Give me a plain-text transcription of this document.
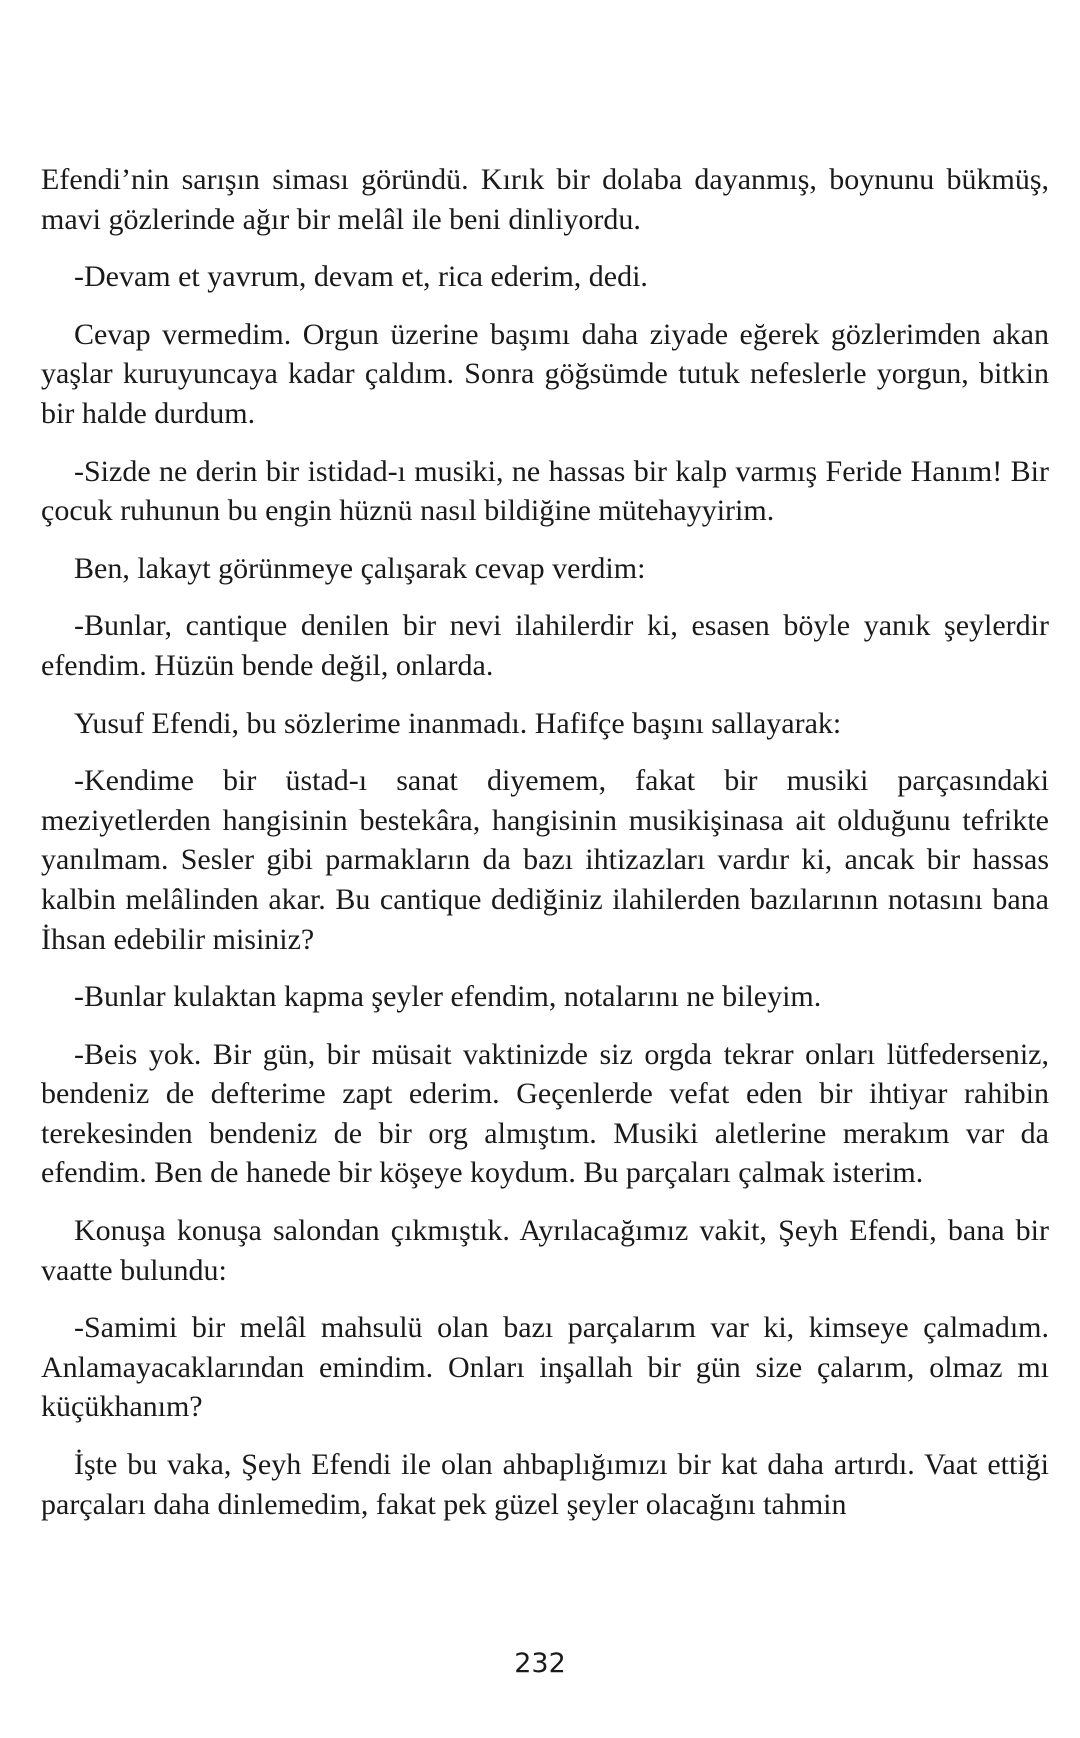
Efendi’nin sarışın siması göründü. Kırık bir dolaba dayanmış, boynunu bükmüş, mavi gözlerinde ağır bir melâl ile beni dinliyordu.

-Devam et yavrum, devam et, rica ederim, dedi.

Cevap vermedim. Orgun üzerine başımı daha ziyade eğerek gözlerimden akan yaşlar kuruyuncaya kadar çaldım. Sonra göğsümde tutuk nefeslerle yorgun, bitkin bir halde durdum.

-Sizde ne derin bir istidad-ı musiki, ne hassas bir kalp varmış Feride Hanım! Bir çocuk ruhunun bu engin hüznü nasıl bildiğine mütehayyirim.

Ben, lakayt görünmeye çalışarak cevap verdim:

-Bunlar, cantique denilen bir nevi ilahilerdir ki, esasen böyle yanık şeylerdir efendim. Hüzün bende değil, onlarda.

Yusuf Efendi, bu sözlerime inanmadı. Hafifçe başını sallayarak:

-Kendime bir üstad-ı sanat diyemem, fakat bir musiki parçasındaki meziyetlerden hangisinin bestekâra, hangisinin musikişinasa ait olduğunu tefrikte yanılmam. Sesler gibi parmakların da bazı ihtizazları vardır ki, ancak bir hassas kalbin melâlinden akar. Bu cantique dediğiniz ilahilerden bazılarının notasını bana İhsan edebilir misiniz?

-Bunlar kulaktan kapma şeyler efendim, notalarını ne bileyim.

-Beis yok. Bir gün, bir müsait vaktinizde siz orgda tekrar onları lütfederseniz, bendeniz de defterime zapt ederim. Geçenlerde vefat eden bir ihtiyar rahibin terekesinden bendeniz de bir org almıştım. Musiki aletlerine merakım var da efendim. Ben de hanede bir köşeye koydum. Bu parçaları çalmak isterim.

Konuşa konuşa salondan çıkmıştık. Ayrılacağımız vakit, Şeyh Efendi, bana bir vaatte bulundu:

-Samimi bir melâl mahsulü olan bazı parçalarım var ki, kimseye çalmadım. Anlamayacaklarından emindim. Onları inşallah bir gün size çalarım, olmaz mı küçükhanım?

İşte bu vaka, Şeyh Efendi ile olan ahbaplığımızı bir kat daha artırdı. Vaat ettiği parçaları daha dinlemedim, fakat pek güzel şeyler olacağını tahmin

232
